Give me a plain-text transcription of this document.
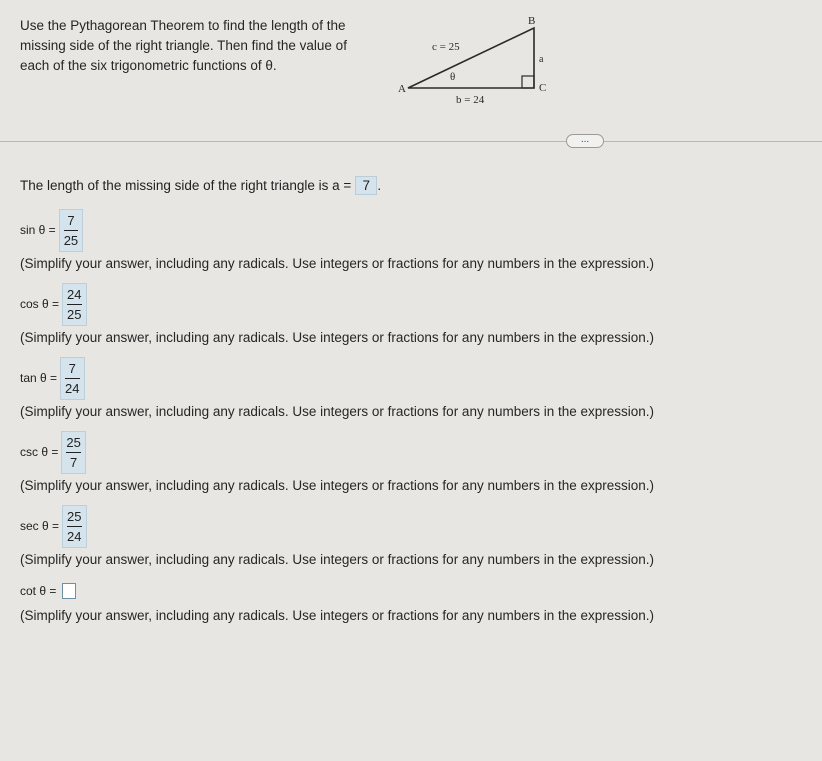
Use the Pythagorean Theorem to find the length of the
missing side of the right triangle. Then find the value of
each of the six trigonometric functions of θ.
B
A	C
c = 25
a
θ
b = 24
...
The length of the missing side of the right triangle is a = 7 .
$\sin \theta = \frac{7}{25}$
(Simplify your answer, including any radicals. Use integers or fractions for any numbers in the expression.)
$\cos \theta = \frac{24}{25}$
(Simplify your answer, including any radicals. Use integers or fractions for any numbers in the expression.)
$\tan \theta = \frac{7}{24}$
(Simplify your answer, including any radicals. Use integers or fractions for any numbers in the expression.)
$\csc \theta = \frac{25}{7}$
(Simplify your answer, including any radicals. Use integers or fractions for any numbers in the expression.)
$\sec \theta = \frac{25}{24}$
(Simplify your answer, including any radicals. Use integers or fractions for any numbers in the expression.)
cot θ =
(Simplify your answer, including any radicals. Use integers or fractions for any numbers in the expression.)
